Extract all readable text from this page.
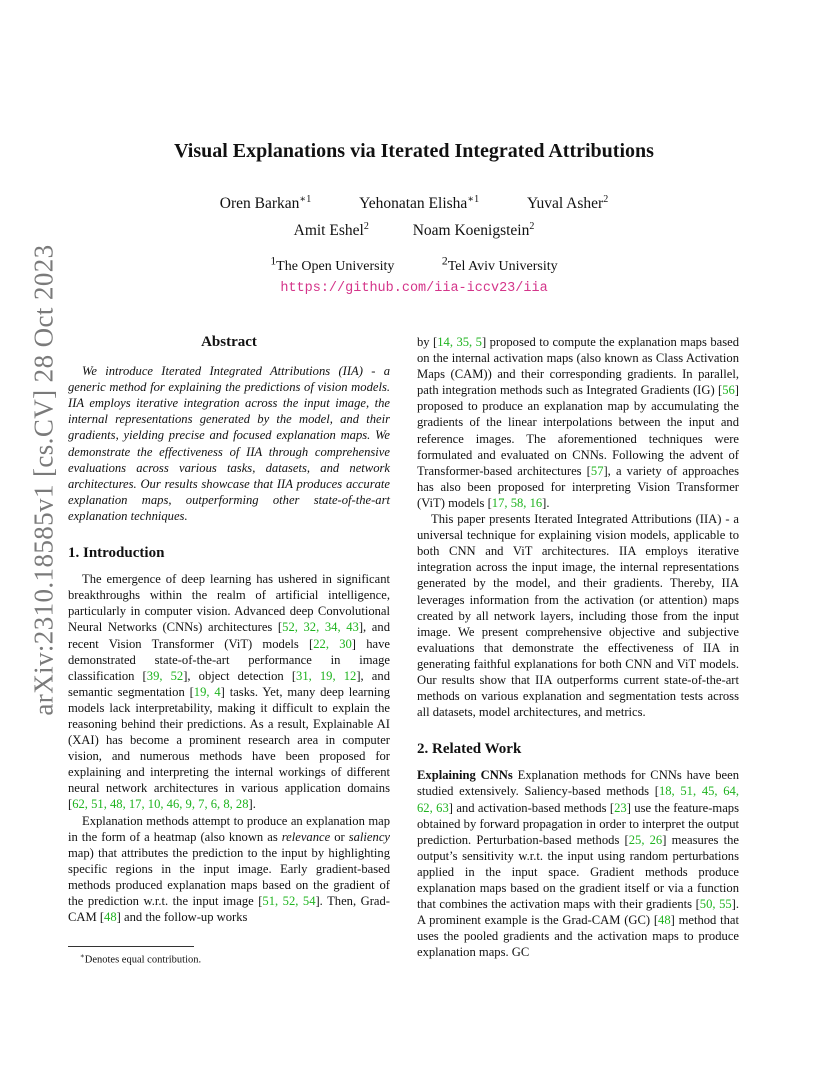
arXiv:2310.18585v1 [cs.CV] 28 Oct 2023
Visual Explanations via Iterated Integrated Attributions
Oren Barkan$^{∗1}$	Yehonatan Elisha$^{∗1}$	Yuval Asher$^2$
Amit Eshel$^2$	Noam Koenigstein$^2$
$^1$The Open University	$^2$Tel Aviv University
https://github.com/iia-iccv23/iia
Abstract

We introduce Iterated Integrated Attributions (IIA) - a generic method for explaining the predictions of vision models. IIA employs iterative integration across the input image, the internal representations generated by the model, and their gradients, yielding precise and focused explanation maps. We demonstrate the effectiveness of IIA through comprehensive evaluations across various tasks, datasets, and network architectures. Our results showcase that IIA produces accurate explanation maps, outperforming other state-of-the-art explanation techniques.

1. Introduction

The emergence of deep learning has ushered in significant breakthroughs within the realm of artificial intelligence, particularly in computer vision. Advanced deep Convolutional Neural Networks (CNNs) architectures [52, 32, 34, 43], and recent Vision Transformer (ViT) models [22, 30] have demonstrated state-of-the-art performance in image classification [39, 52], object detection [31, 19, 12], and semantic segmentation [19, 4] tasks. Yet, many deep learning models lack interpretability, making it difficult to explain the reasoning behind their predictions. As a result, Explainable AI (XAI) has become a prominent research area in computer vision, and numerous methods have been proposed for explaining and interpreting the internal workings of different neural network architectures in various application domains [62, 51, 48, 17, 10, 46, 9, 7, 6, 8, 28].

Explanation methods attempt to produce an explanation map in the form of a heatmap (also known as relevance or saliency map) that attributes the prediction to the input by highlighting specific regions in the input image. Early gradient-based methods produced explanation maps based on the gradient of the prediction w.r.t. the input image [51, 52, 54]. Then, Grad-CAM [48] and the follow-up works

by [14, 35, 5] proposed to compute the explanation maps based on the internal activation maps (also known as Class Activation Maps (CAM)) and their corresponding gradients. In parallel, path integration methods such as Integrated Gradients (IG) [56] proposed to produce an explanation map by accumulating the gradients of the linear interpolations between the input and reference images. The aforementioned techniques were formulated and evaluated on CNNs. Following the advent of Transformer-based architectures [57], a variety of approaches has also been proposed for interpreting Vision Transformer (ViT) models [17, 58, 16].

This paper presents Iterated Integrated Attributions (IIA) - a universal technique for explaining vision models, applicable to both CNN and ViT architectures. IIA employs iterative integration across the input image, the internal representations generated by the model, and their gradients. Thereby, IIA leverages information from the activation (or attention) maps created by all network layers, including those from the input image. We present comprehensive objective and subjective evaluations that demonstrate the effectiveness of IIA in generating faithful explanations for both CNN and ViT models. Our results show that IIA outperforms current state-of-the-art methods on various explanation and segmentation tests across all datasets, model architectures, and metrics.

2. Related Work

Explaining CNNs Explanation methods for CNNs have been studied extensively. Saliency-based methods [18, 51, 45, 64, 62, 63] and activation-based methods [23] use the feature-maps obtained by forward propagation in order to interpret the output prediction. Perturbation-based methods [25, 26] measures the output’s sensitivity w.r.t. the input using random perturbations applied in the input space. Gradient methods produce explanation maps based on the gradient itself or via a function that combines the activation maps with their gradients [50, 55]. A prominent example is the Grad-CAM (GC) [48] method that uses the pooled gradients and the activation maps to produce explanation maps. GC

∗Denotes equal contribution.
